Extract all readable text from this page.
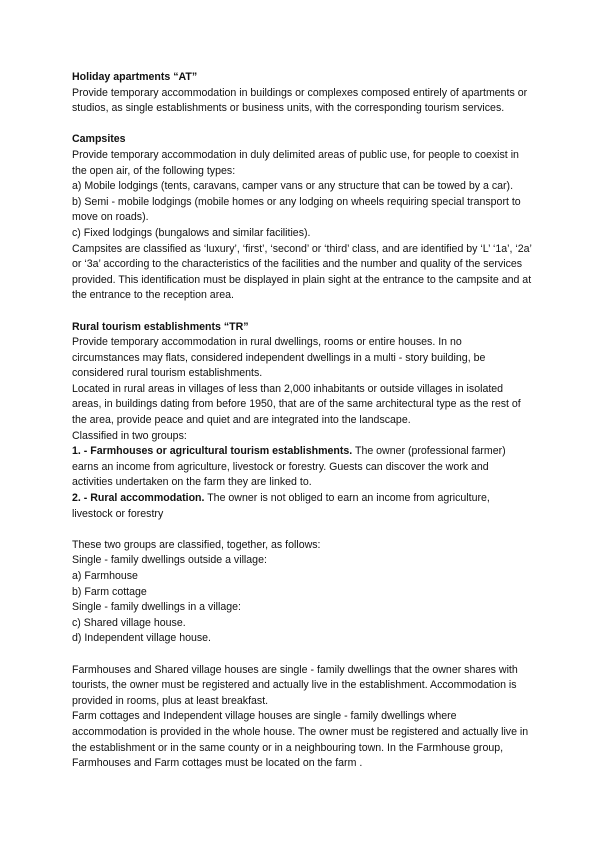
Holiday apartments “AT”

Provide temporary accommodation in buildings or complexes composed entirely of apartments or studios, as single establishments or business units, with the corresponding tourism services.

Campsites

Provide temporary accommodation in duly delimited areas of public use, for people to coexist in the open air, of the following types:

a) Mobile lodgings (tents, caravans, camper vans or any structure that can be towed by a car).

b) Semi - mobile lodgings (mobile homes or any lodging on wheels requiring special transport to move on roads).

c) Fixed lodgings (bungalows and similar facilities).

Campsites are classified as ‘luxury’, ‘first’, ‘second’ or ‘third’ class, and are identified by ‘L’ ‘1a’, ‘2a’ or ‘3a’ according to the characteristics of the facilities and the number and quality of the services provided. This identification must be displayed in plain sight at the entrance to the campsite and at the entrance to the reception area.

Rural tourism establishments “TR”

Provide temporary accommodation in rural dwellings, rooms or entire houses. In no circumstances may flats, considered independent dwellings in a multi - story building, be considered rural tourism establishments.

Located in rural areas in villages of less than 2,000 inhabitants or outside villages in isolated areas, in buildings dating from before 1950, that are of the same architectural type as the rest of the area, provide peace and quiet and are integrated into the landscape.

Classified in two groups:

1. - Farmhouses or agricultural tourism establishments. The owner (professional farmer) earns an income from agriculture, livestock or forestry. Guests can discover the work and activities undertaken on the farm they are linked to.

2. - Rural accommodation. The owner is not obliged to earn an income from agriculture, livestock or forestry

These two groups are classified, together, as follows:

Single - family dwellings outside a village:

a) Farmhouse

b) Farm cottage

Single - family dwellings in a village:

c) Shared village house.

d) Independent village house.

Farmhouses and Shared village houses are single - family dwellings that the owner shares with tourists, the owner must be registered and actually live in the establishment. Accommodation is provided in rooms, plus at least breakfast.

Farm cottages and Independent village houses are single - family dwellings where accommodation is provided in the whole house. The owner must be registered and actually live in the establishment or in the same county or in a neighbouring town. In the Farmhouse group, Farmhouses and Farm cottages must be located on the farm .
